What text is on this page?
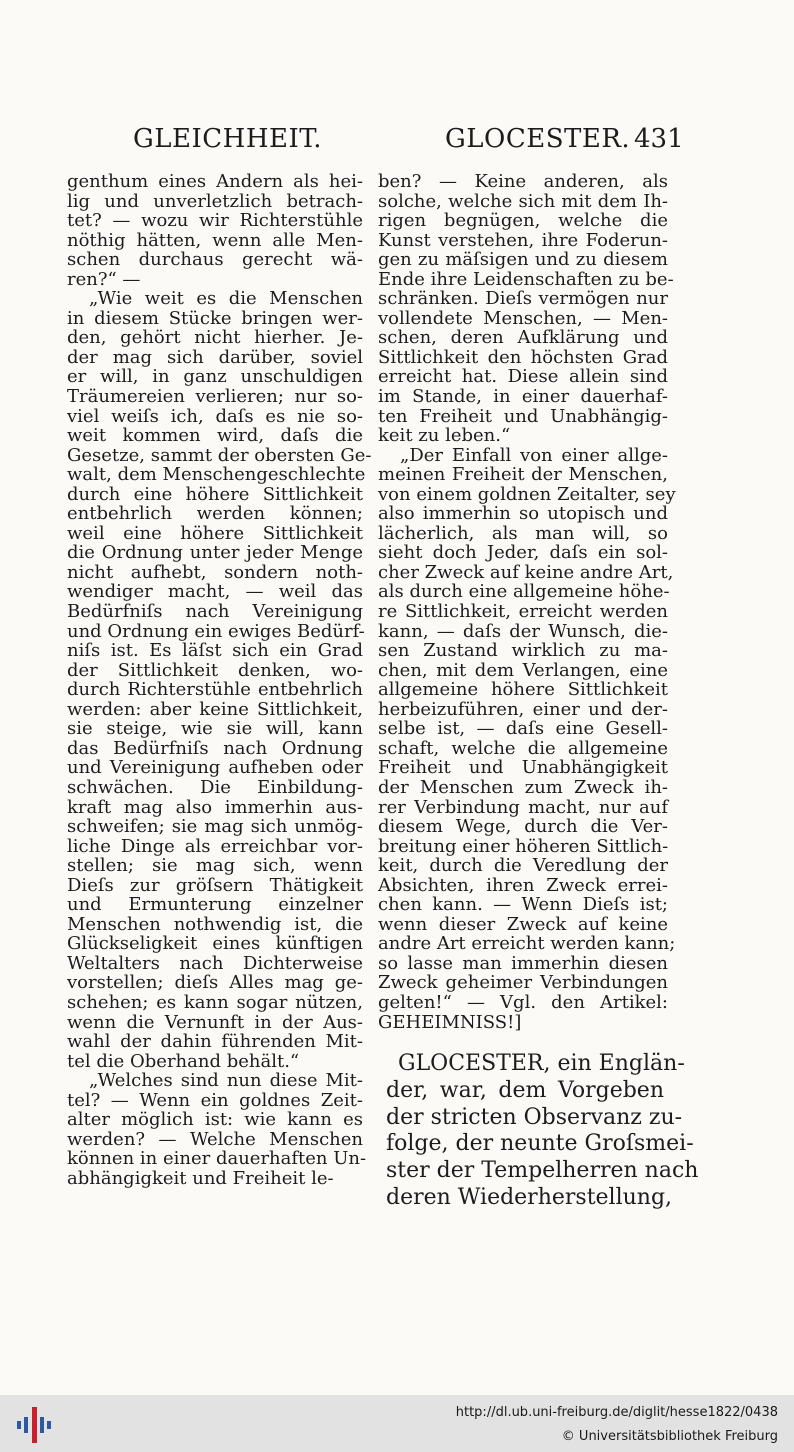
GLEICHHEIT.	GLOCESTER. 431
genthum eines Andern als hei-
lig und unverletzlich betrach-
tet? — wozu wir Richterstühle
nöthig hätten, wenn alle Men-
schen durchaus gerecht wä-
ren?“ —
„Wie weit es die Menschen
in diesem Stücke bringen wer-
den, gehört nicht hierher. Je-
der mag sich darüber, soviel
er will, in ganz unschuldigen
Träumereien verlieren; nur so-
viel weiſs ich, daſs es nie so-
weit kommen wird, daſs die
Gesetze, sammt der obersten Ge-
walt, dem Menschengeschlechte
durch eine höhere Sittlichkeit
entbehrlich werden können;
weil eine höhere Sittlichkeit
die Ordnung unter jeder Menge
nicht aufhebt, sondern noth-
wendiger macht, — weil das
Bedürfniſs nach Vereinigung
und Ordnung ein ewiges Bedürf-
niſs ist. Es läſst sich ein Grad
der Sittlichkeit denken, wo-
durch Richterstühle entbehrlich
werden: aber keine Sittlichkeit,
sie steige, wie sie will, kann
das Bedürfniſs nach Ordnung
und Vereinigung aufheben oder
schwächen. Die Einbildung-
kraft mag also immerhin aus-
schweifen; sie mag sich unmög-
liche Dinge als erreichbar vor-
stellen; sie mag sich, wenn
Dieſs zur gröſsern Thätigkeit
und Ermunterung einzelner
Menschen nothwendig ist, die
Glückseligkeit eines künftigen
Weltalters nach Dichterweise
vorstellen; dieſs Alles mag ge-
schehen; es kann sogar nützen,
wenn die Vernunft in der Aus-
wahl der dahin führenden Mit-
tel die Oberhand behält.“
„Welches sind nun diese Mit-
tel? — Wenn ein goldnes Zeit-
alter möglich ist: wie kann es
werden? — Welche Menschen
können in einer dauerhaften Un-
abhängigkeit und Freiheit le-
ben? — Keine anderen, als
solche, welche sich mit dem Ih-
rigen begnügen, welche die
Kunst verstehen, ihre Foderun-
gen zu mäſsigen und zu diesem
Ende ihre Leidenschaften zu be-
schränken. Dieſs vermögen nur
vollendete Menschen, — Men-
schen, deren Aufklärung und
Sittlichkeit den höchsten Grad
erreicht hat. Diese allein sind
im Stande, in einer dauerhaf-
ten Freiheit und Unabhängig-
keit zu leben.“
„Der Einfall von einer allge-
meinen Freiheit der Menschen,
von einem goldnen Zeitalter, sey
also immerhin so utopisch und
lächerlich, als man will, so
sieht doch Jeder, daſs ein sol-
cher Zweck auf keine andre Art,
als durch eine allgemeine höhe-
re Sittlichkeit, erreicht werden
kann, — daſs der Wunsch, die-
sen Zustand wirklich zu ma-
chen, mit dem Verlangen, eine
allgemeine höhere Sittlichkeit
herbeizuführen, einer und der-
selbe ist, — daſs eine Gesell-
schaft, welche die allgemeine
Freiheit und Unabhängigkeit
der Menschen zum Zweck ih-
rer Verbindung macht, nur auf
diesem Wege, durch die Ver-
breitung einer höheren Sittlich-
keit, durch die Veredlung der
Absichten, ihren Zweck errei-
chen kann. — Wenn Dieſs ist;
wenn dieser Zweck auf keine
andre Art erreicht werden kann;
so lasse man immerhin diesen
Zweck geheimer Verbindungen
gelten!“ — Vgl. den Artikel:
GEHEIMNISS!]
GLOCESTER, ein Englän-
der, war, dem Vorgeben
der stricten Observanz zu-
folge, der neunte Groſsmei-
ster der Tempelherren nach
deren Wiederherstellung,
http://dl.ub.uni-freiburg.de/diglit/hesse1822/0438
© Universitätsbibliothek Freiburg
